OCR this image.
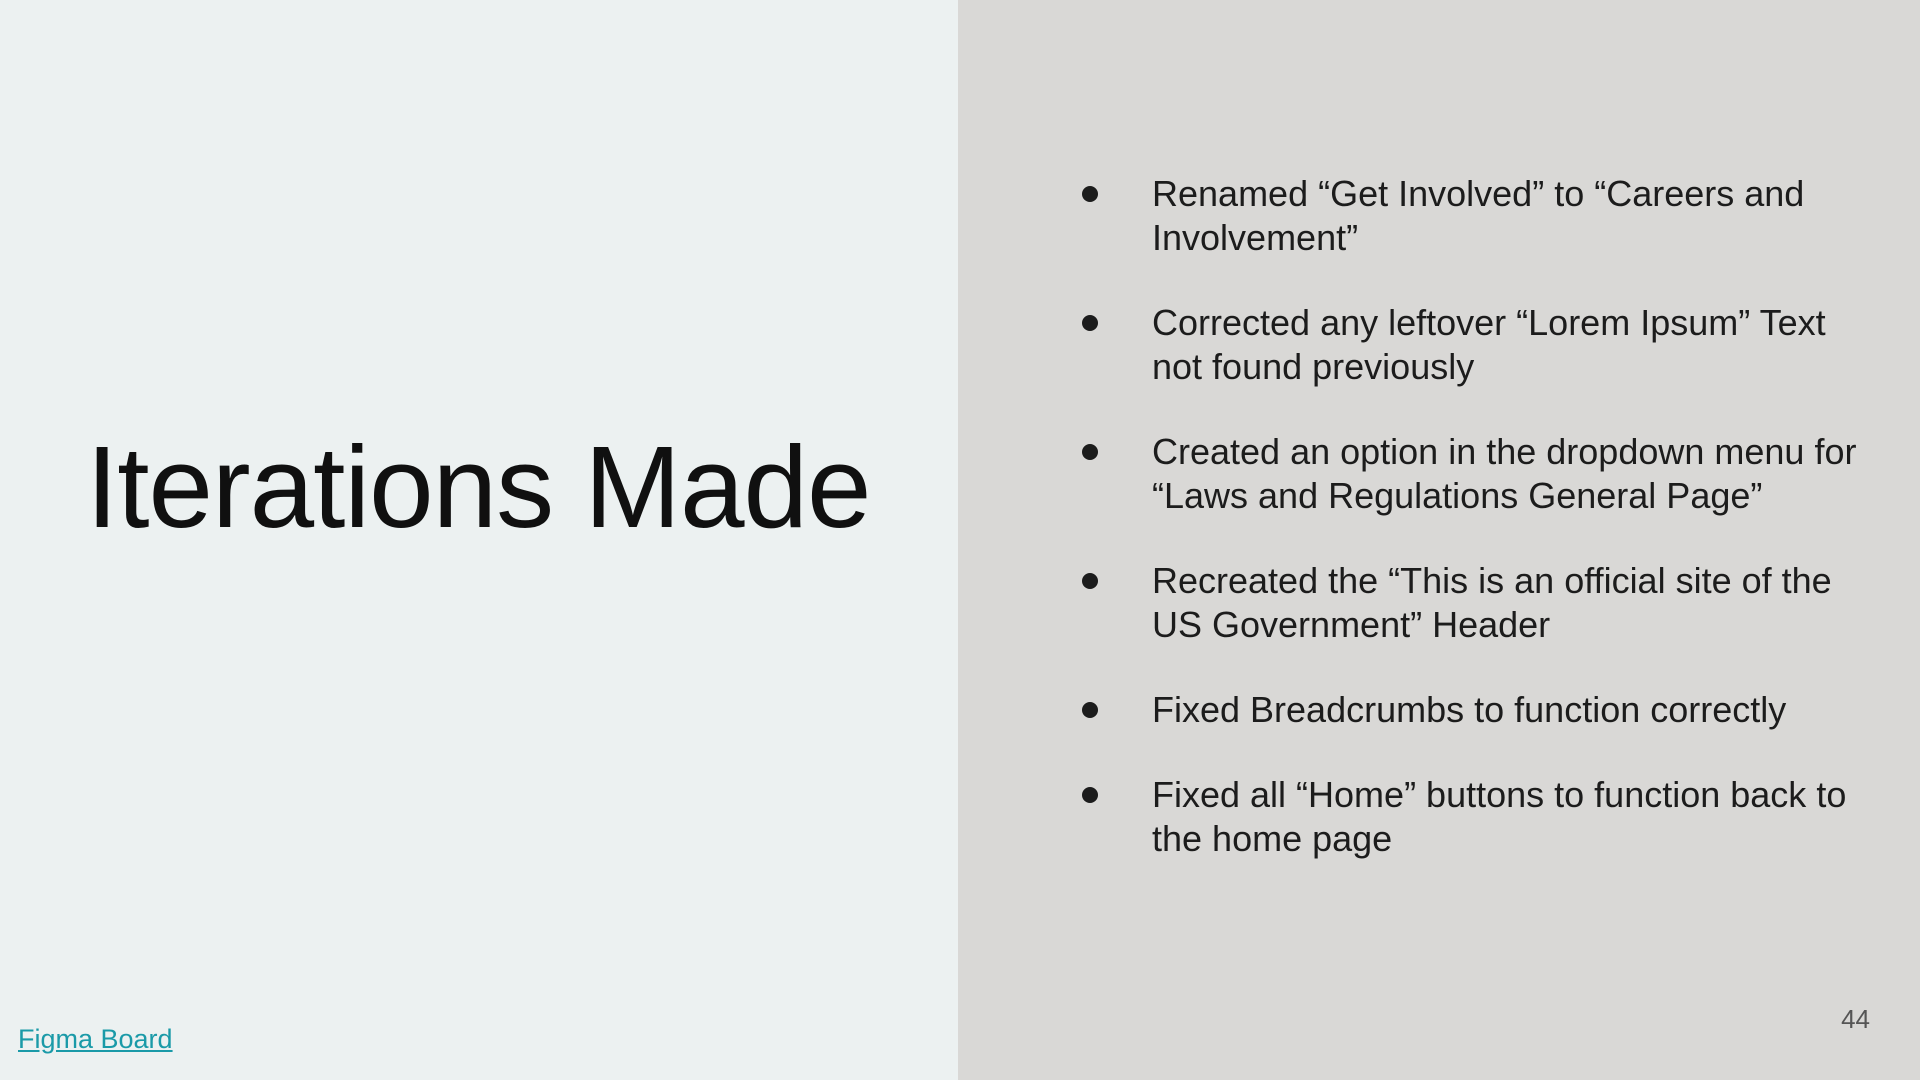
Iterations Made
Figma Board
Renamed “Get Involved” to “Careers and Involvement”
Corrected any leftover “Lorem Ipsum” Text not found previously
Created an option in the dropdown menu for “Laws and Regulations General Page”
Recreated the “This is an official site of the US Government” Header
Fixed Breadcrumbs to function correctly
Fixed all “Home” buttons to function back to the home page
44
